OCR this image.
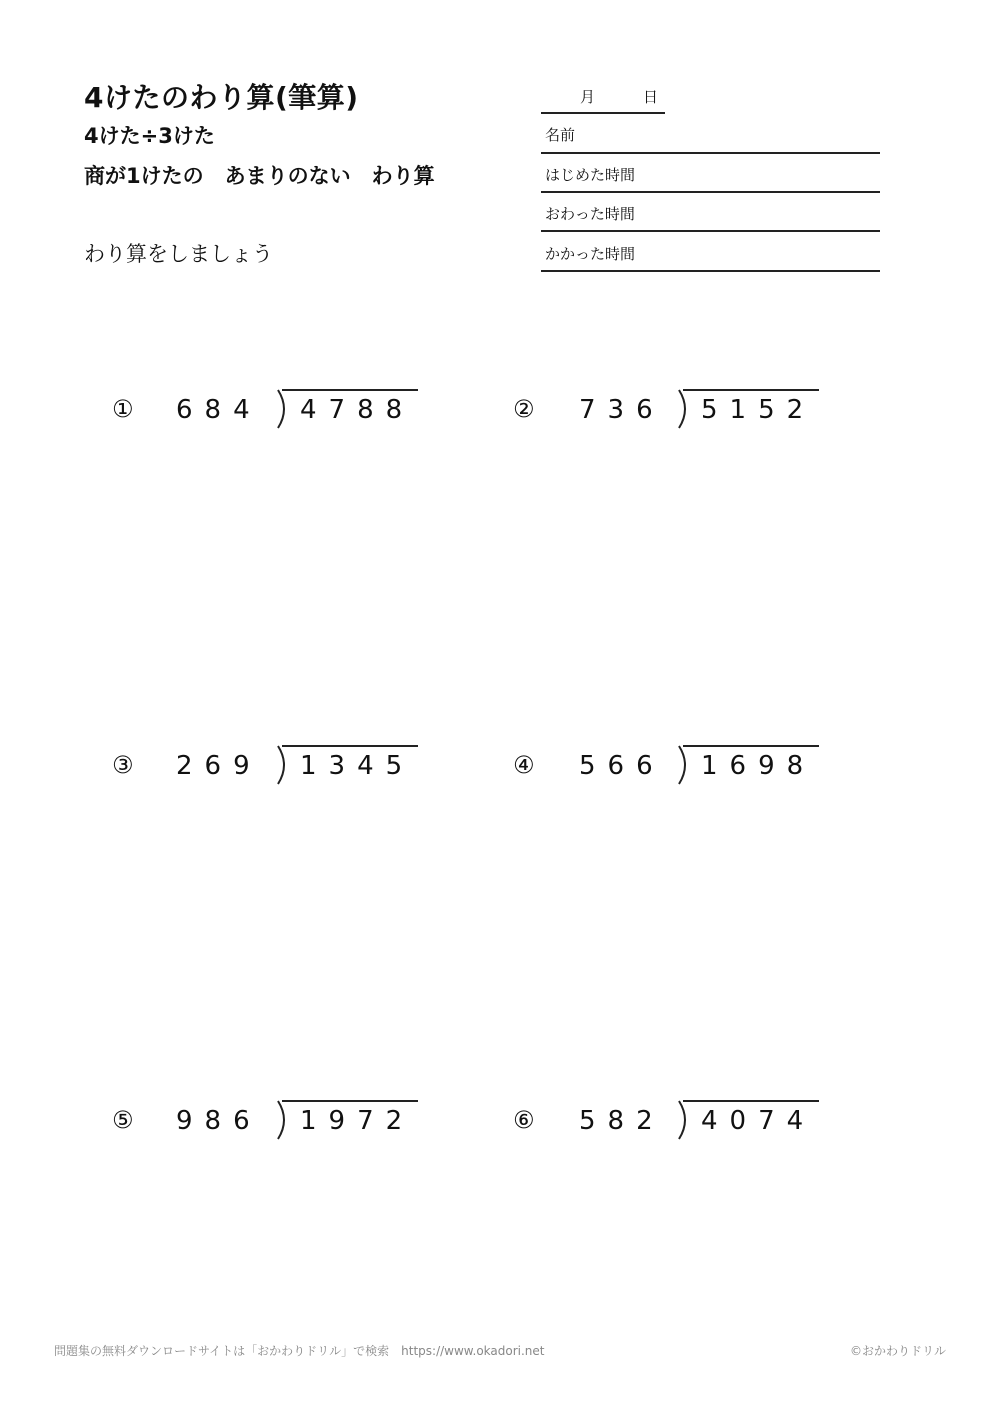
4けたのわり算(筆算)
4けた÷3けた
商が1けたの　あまりのない　わり算
わり算をしましょう
月	日
名前
はじめた時間
おわった時間
かかった時間
①	684 4788	②	736 5152
③	269 1345	④	566 1698
⑤	986 1972	⑥	582 4074
問題集の無料ダウンロードサイトは「おかわりドリル」で検索　https://www.okadori.net	©おかわりドリル
